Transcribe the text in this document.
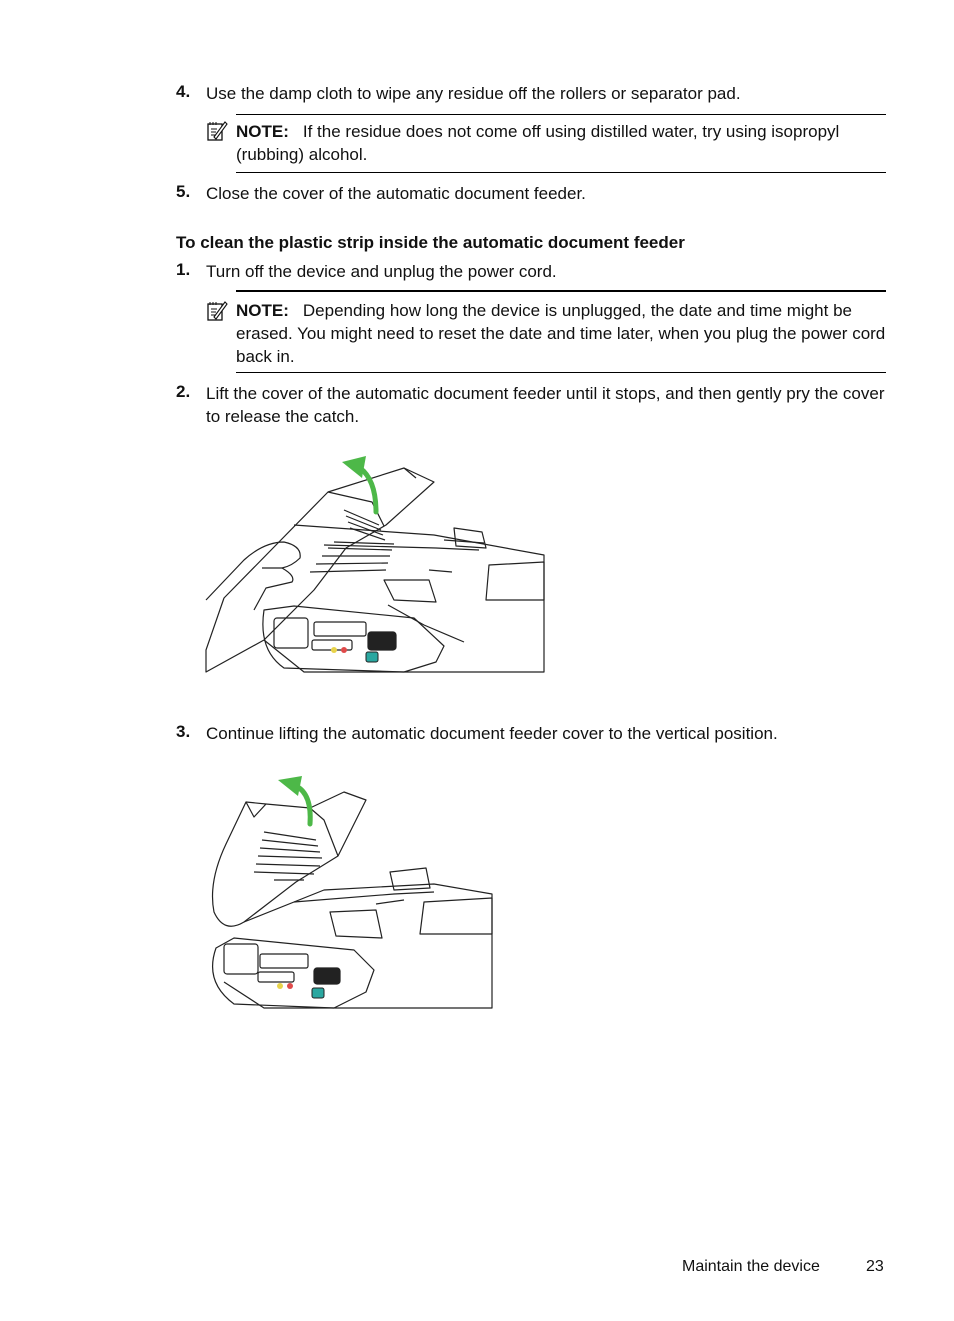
4. Use the damp cloth to wipe any residue off the rollers or separator pad.
NOTE: If the residue does not come off using distilled water, try using isopropyl (rubbing) alcohol.
5. Close the cover of the automatic document feeder.
To clean the plastic strip inside the automatic document feeder
1. Turn off the device and unplug the power cord.
NOTE: Depending how long the device is unplugged, the date and time might be erased. You might need to reset the date and time later, when you plug the power cord back in.
2. Lift the cover of the automatic document feeder until it stops, and then gently pry the cover to release the catch.
3. Continue lifting the automatic document feeder cover to the vertical position.
Maintain the device	23
